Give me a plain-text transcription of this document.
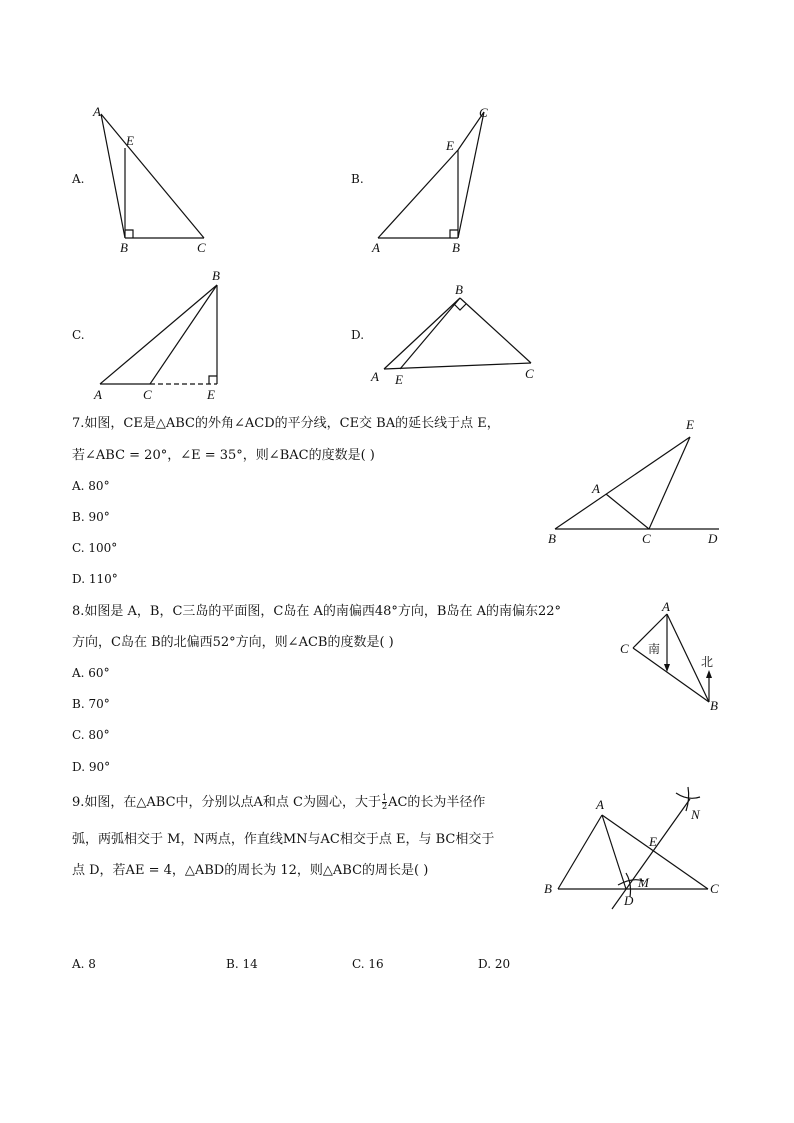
A.
A
E
B	C
B.
A	B
E
C
C.
A	C
B
E
D.
B
A E	C
7.如图，CE是△ABC的外角∠ACD的平分线，CE交 BA的延长线于点 E，
若∠ABC = 20°，∠E = 35°，则∠BAC的度数是( )
A. 80°
B. 90°
C. 100°
D. 110°
E
A
B	C	D
8.如图是 A，B，C三岛的平面图，C岛在 A的南偏西48°方向，B岛在 A的南偏东22°
方向，C岛在 B的北偏西52°方向，则∠ACB的度数是( )
A. 60°
B. 70°
C. 80°
D. 90°
A
C
B
南
北
9.如图，在△ABC中，分别以点A和点 C为圆心，大于 $\frac{1}{2}$ AC的长为半径作
弧，两弧相交于 M，N两点，作直线MN与AC相交于点 E，与 BC相交于
点 D，若AE = 4，△ABD的周长为 12，则△ABC的周长是( )
A. 8	B. 14	C. 16	D. 20
A
B	C
D
E
M
N
